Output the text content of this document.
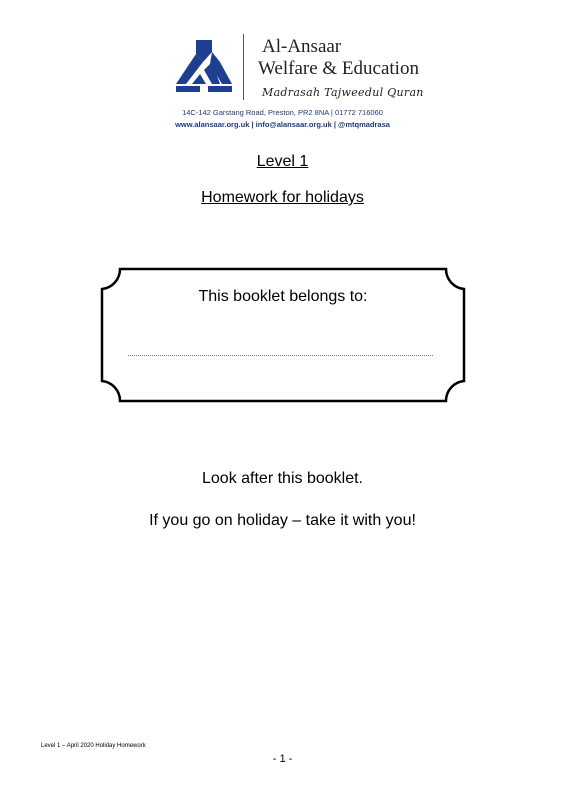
Al-Ansaar
Welfare & Education
Madrasah Tajweedul Quran
14C-142 Garstang Road, Preston, PR2 8NA | 01772 716060
www.alansaar.org.uk | info@alansaar.org.uk | @mtqmadrasa
Level 1
Homework for holidays
This booklet belongs to:
Look after this booklet.
If you go on holiday – take it with you!
Level 1 – April 2020 Holiday Homework
- 1 -
